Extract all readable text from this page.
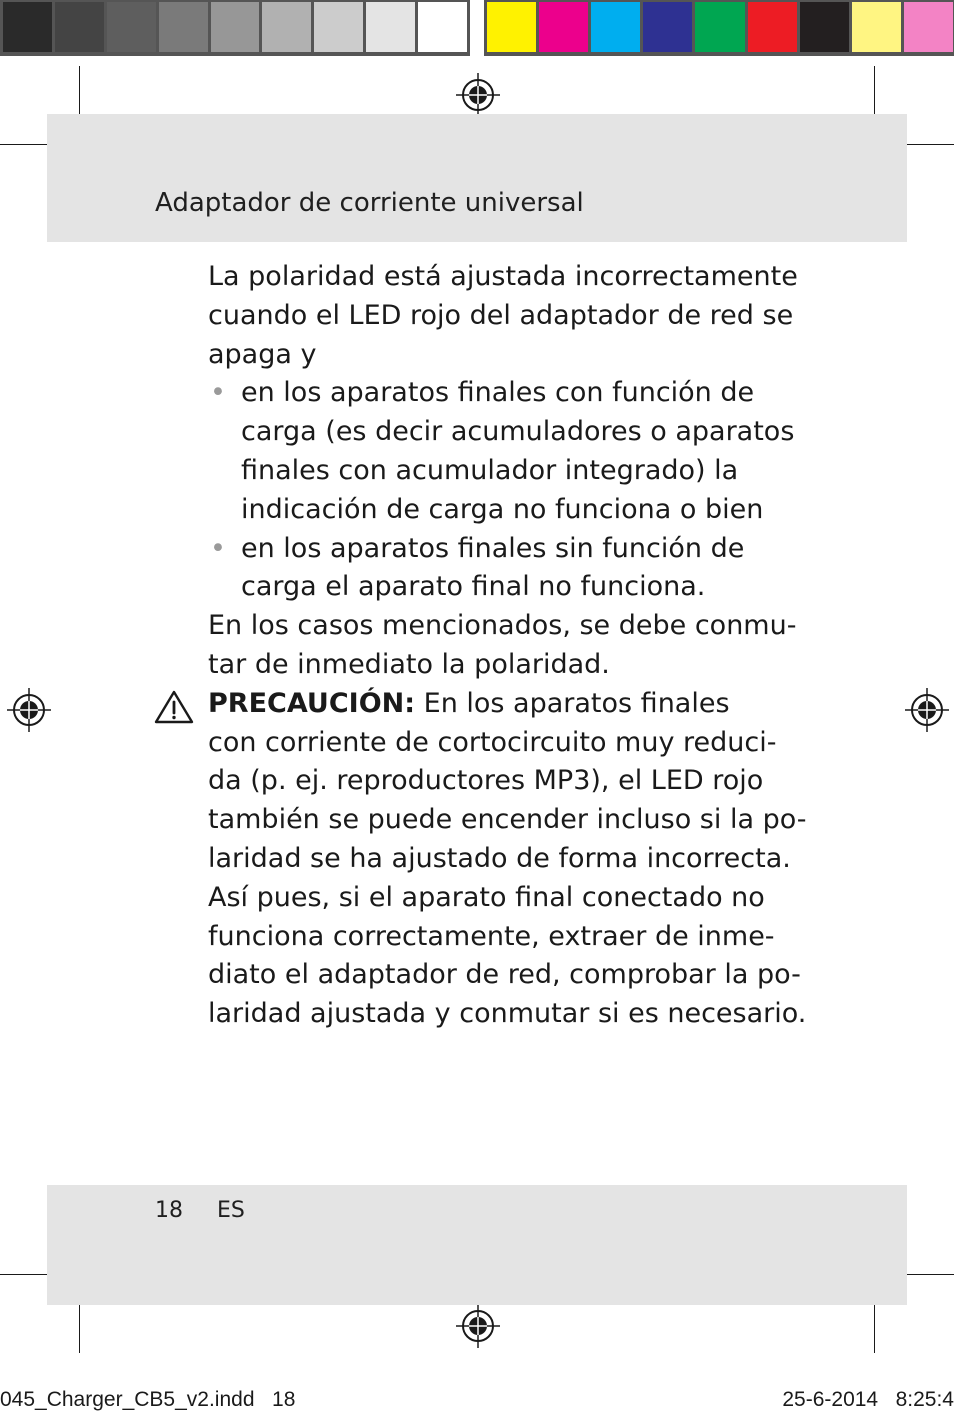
Adaptador de corriente universal
La polaridad está ajustada incorrectamente
cuando el LED rojo del adaptador de red se
apaga y
• en los aparatos finales con función de
carga (es decir acumuladores o aparatos
finales con acumulador integrado) la
indicación de carga no funciona o bien
• en los aparatos finales sin función de
carga el aparato final no funciona.
En los casos mencionados, se debe conmu-
tar de inmediato la polaridad.
PRECAUCIÓN: En los aparatos finales
con corriente de cortocircuito muy reduci-
da (p. ej. reproductores MP3), el LED rojo
también se puede encender incluso si la po-
laridad se ha ajustado de forma incorrecta.
Así pues, si el aparato final conectado no
funciona correctamente, extraer de inme-
diato el adaptador de red, comprobar la po-
laridad ajustada y conmutar si es necesario.
18 ES
045_Charger_CB5_v2.indd   18	25-6-2014   8:25:4
